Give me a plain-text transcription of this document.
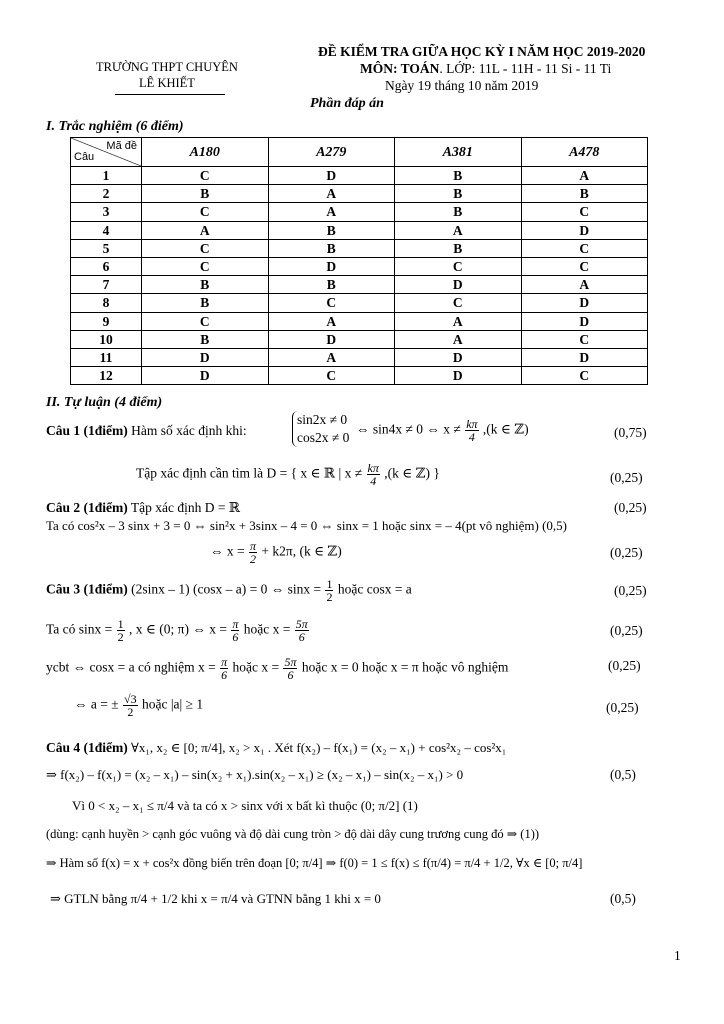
TRƯỜNG THPT CHUYÊN
LÊ KHIẾT
ĐỀ KIỂM TRA GIỮA HỌC KỲ I NĂM HỌC 2019-2020
MÔN: TOÁN. LỚP: 11L - 11H - 11 Si - 11 Ti
Ngày 19 tháng 10 năm 2019
Phần đáp án
I. Trắc nghiệm (6 điểm)
Mã đề
Câu	A180	A279	A381	A478
1	C	D	B	A
2	B	A	B	B
3	C	A	B	C
4	A	B	A	D
5	C	B	B	C
6	C	D	C	C
7	B	B	D	A
8	B	C	C	D
9	C	A	A	D
10	B	D	A	C
11	D	A	D	D
12	D	C	D	C
II. Tự luận (4 điểm)
Câu 1 (1điểm) Hàm số xác định khi:
sin2x ≠ 0
cos2x ≠ 0
⇔ sin4x ≠ 0 ⇔ $x \ne \frac{k\pi}{4} ,(k$ ∈ ℤ)	(0,75)
Tập xác định cần tìm là D = { x ∈ ℝ | $x \ne \frac{k\pi}{4} ,(k$ ∈ ℤ) }	(0,25)
Câu 2 (1điểm) Tập xác định D = ℝ	(0,25)
Ta có cos²x – 3 sinx + 3 = 0 ⇔ sin²x + 3sinx – 4 = 0 ⇔ sinx = 1 hoặc sinx = – 4(pt vô nghiệm) (0,5)
⇔ $x = \frac{\pi}{2} + k2\pi$, (k ∈ ℤ)	(0,25)
Câu 3 (1điểm) (2sinx – 1) (cosx – a) = 0 ⇔ $\sin x = \frac{1}{2}$ hoặc cosx = a	(0,25)
Ta có $\sin x = \frac{1}{2}$ , x ∈ (0; π) ⇔ $x = \frac{\pi}{6}$ hoặc $x = \frac{5\pi}{6}$	(0,25)
ycbt ⇔ cosx = a có nghiệm $x = \frac{\pi}{6}$ hoặc $x = \frac{5\pi}{6}$ hoặc x = 0 hoặc x = π hoặc vô nghiệm	(0,25)
⇔ a = ± $\frac{√3}{2}$ hoặc |a| ≥ 1	(0,25)
Câu 4 (1điểm) ∀x₁, x₂ ∈ [0; π/4], x₂ > x₁ . Xét f(x₂) – f(x₁) = (x₂ – x₁) + cos²x₂ – cos²x₁
⇒ f(x₂) – f(x₁) = (x₂ – x₁) – sin(x₂ + x₁).sin(x₂ – x₁) ≥ (x₂ – x₁) – sin(x₂ – x₁) > 0	(0,5)
Vì 0 < x₂ – x₁ ≤ π/4 và ta có x > sinx với x bất kì thuộc (0; π/2] (1)
(dùng: cạnh huyền > cạnh góc vuông và độ dài cung tròn > độ dài dây cung trương cung đó ⇒ (1))
⇒ Hàm số f(x) = x + cos²x đồng biến trên đoạn [0; π/4] ⇒ f(0) = 1 ≤ f(x) ≤ f(π/4) = π/4 + 1/2, ∀x ∈ [0; π/4]
⇒ GTLN bằng π/4 + 1/2 khi x = π/4 và GTNN bằng 1 khi x = 0	(0,5)
1
